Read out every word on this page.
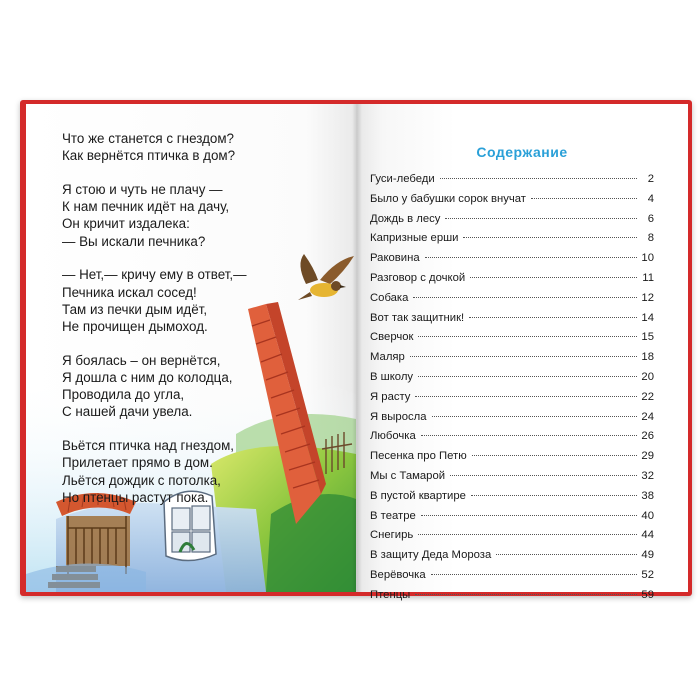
Что же станется с гнездом?
Как вернётся птичка в дом?
Я стою и чуть не плачу —
К нам печник идёт на дачу,
Он кричит издалека:
— Вы искали печника?
— Нет,— кричу ему в ответ,—
Печника искал сосед!
Там из печки дым идёт,
Не прочищен дымоход.
Я боялась – он вернётся,
Я дошла с ним до колодца,
Проводила до угла,
С нашей дачи увела.
Вьётся птичка над гнездом,
Прилетает прямо в дом.
Льётся дождик с потолка,
Но птенцы растут пока.
Содержание
Гуси-лебеди	2
Было у бабушки сорок внучат	4
Дождь в лесу	6
Капризные ерши	8
Раковина	10
Разговор с дочкой	11
Собака	12
Вот так защитник!	14
Сверчок	15
Маляр	18
В школу	20
Я расту	22
Я выросла	24
Любочка	26
Песенка про Петю	29
Мы с Тамарой	32
В пустой квартире	38
В театре	40
Снегирь	44
В защиту Деда Мороза	49
Верёвочка	52
Птенцы	59
